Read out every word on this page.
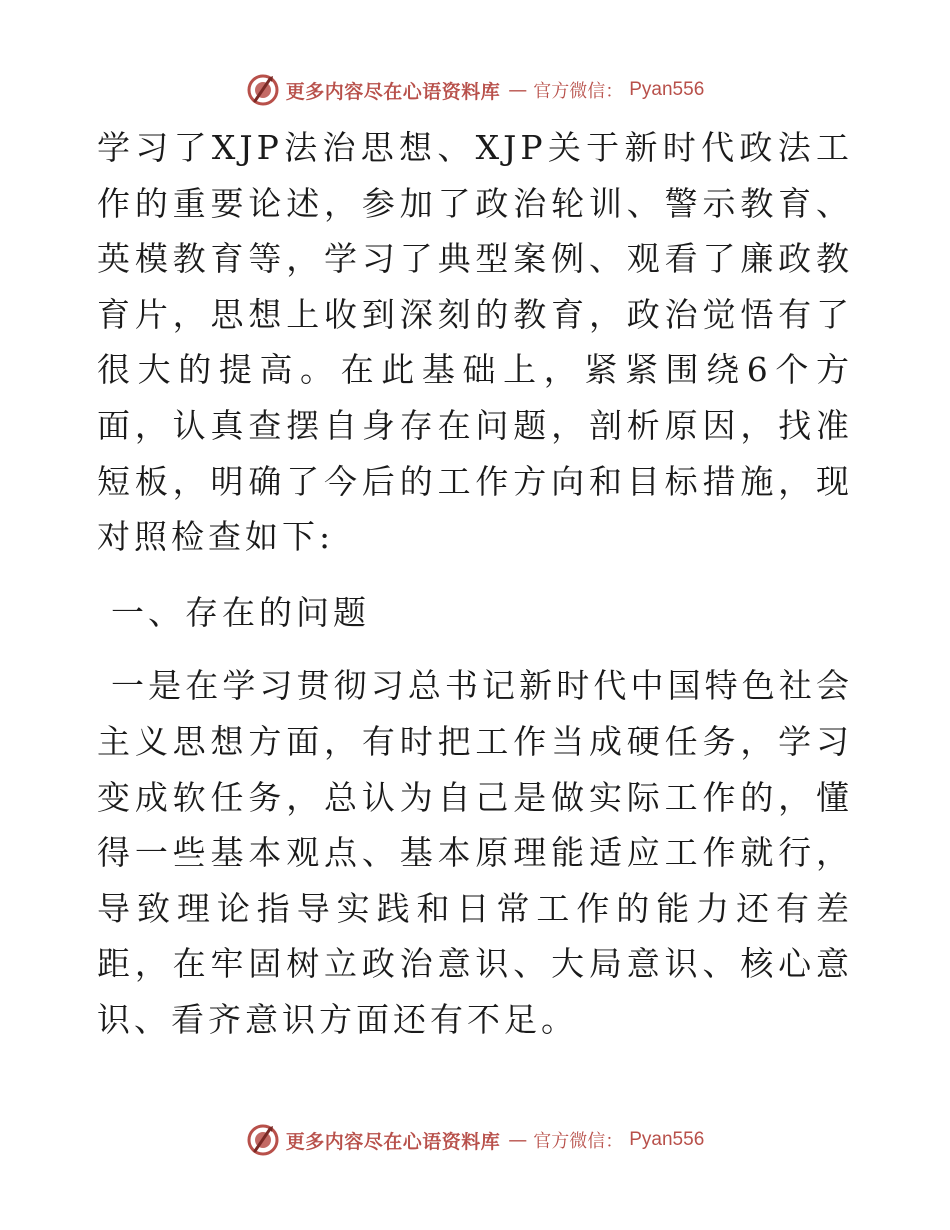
更多内容尽在心语资料库 — 官方微信： Pyan556

学习了XJP法治思想、XJP关于新时代政法工作的重要论述，参加了政治轮训、警示教育、英模教育等，学习了典型案例、观看了廉政教育片，思想上收到深刻的教育，政治觉悟有了很大的提高。在此基础上，紧紧围绕6个方面，认真查摆自身存在问题，剖析原因，找准短板，明确了今后的工作方向和目标措施，现对照检查如下:

一、存在的问题

一是在学习贯彻习总书记新时代中国特色社会主义思想方面，有时把工作当成硬任务，学习变成软任务，总认为自己是做实际工作的，懂得一些基本观点、基本原理能适应工作就行，导致理论指导实践和日常工作的能力还有差距，在牢固树立政治意识、大局意识、核心意识、看齐意识方面还有不足。

更多内容尽在心语资料库 — 官方微信： Pyan556
